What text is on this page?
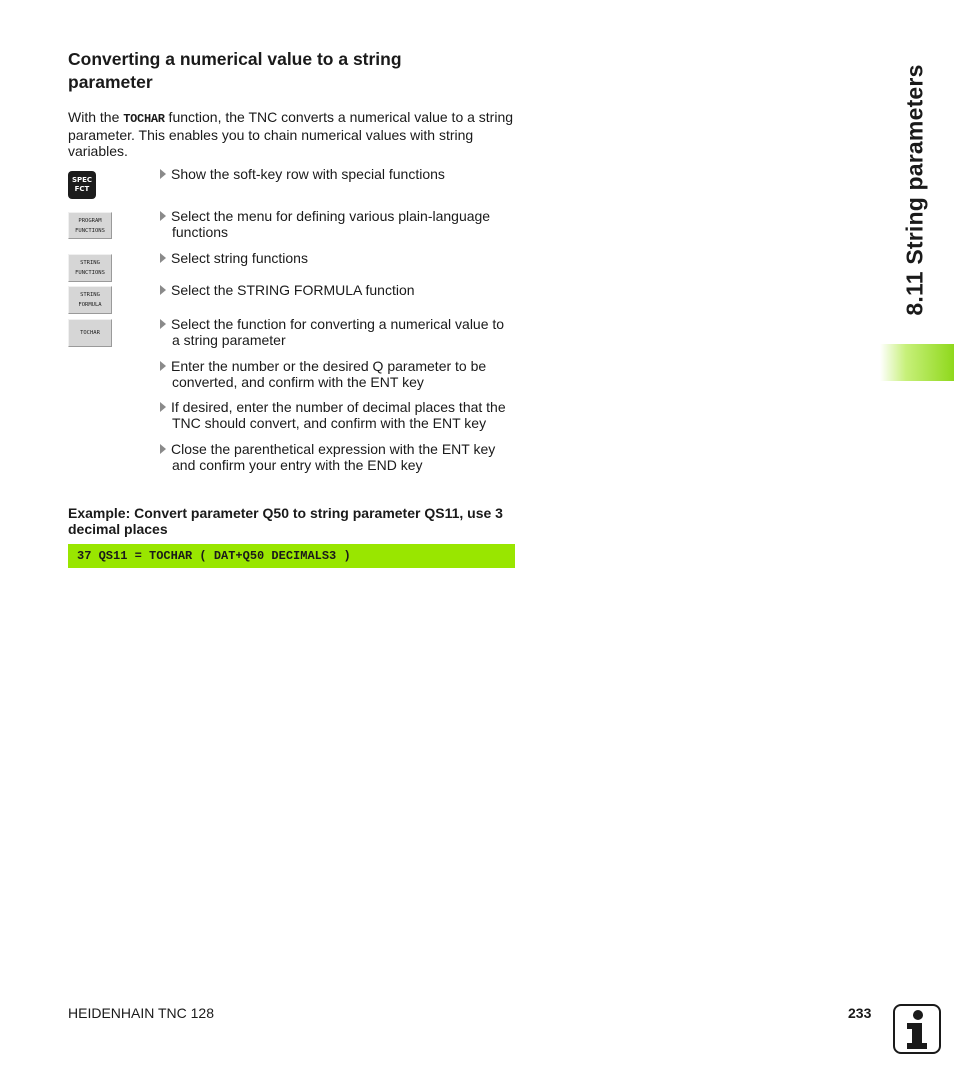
Converting a numerical value to a string parameter

With the TOCHAR function, the TNC converts a numerical value to a string parameter. This enables you to chain numerical values with string variables.

SPEC
FCT
PROGRAM
FUNCTIONS
STRING
FUNCTIONS
STRING
FORMULA
TOCHAR
Show the soft-key row with special functions
Select the menu for defining various plain-language
functions
Select string functions
Select the STRING FORMULA function
Select the function for converting a numerical value to
a string parameter
Enter the number or the desired Q parameter to be
converted, and confirm with the ENT key
If desired, enter the number of decimal places that the
TNC should convert, and confirm with the ENT key
Close the parenthetical expression with the ENT key
and confirm your entry with the END key
Example: Convert parameter Q50 to string parameter QS11, use 3 decimal places
37 QS11 = TOCHAR ( DAT+Q50 DECIMALS3 )
8.11 String parameters
HEIDENHAIN TNC 128	233
